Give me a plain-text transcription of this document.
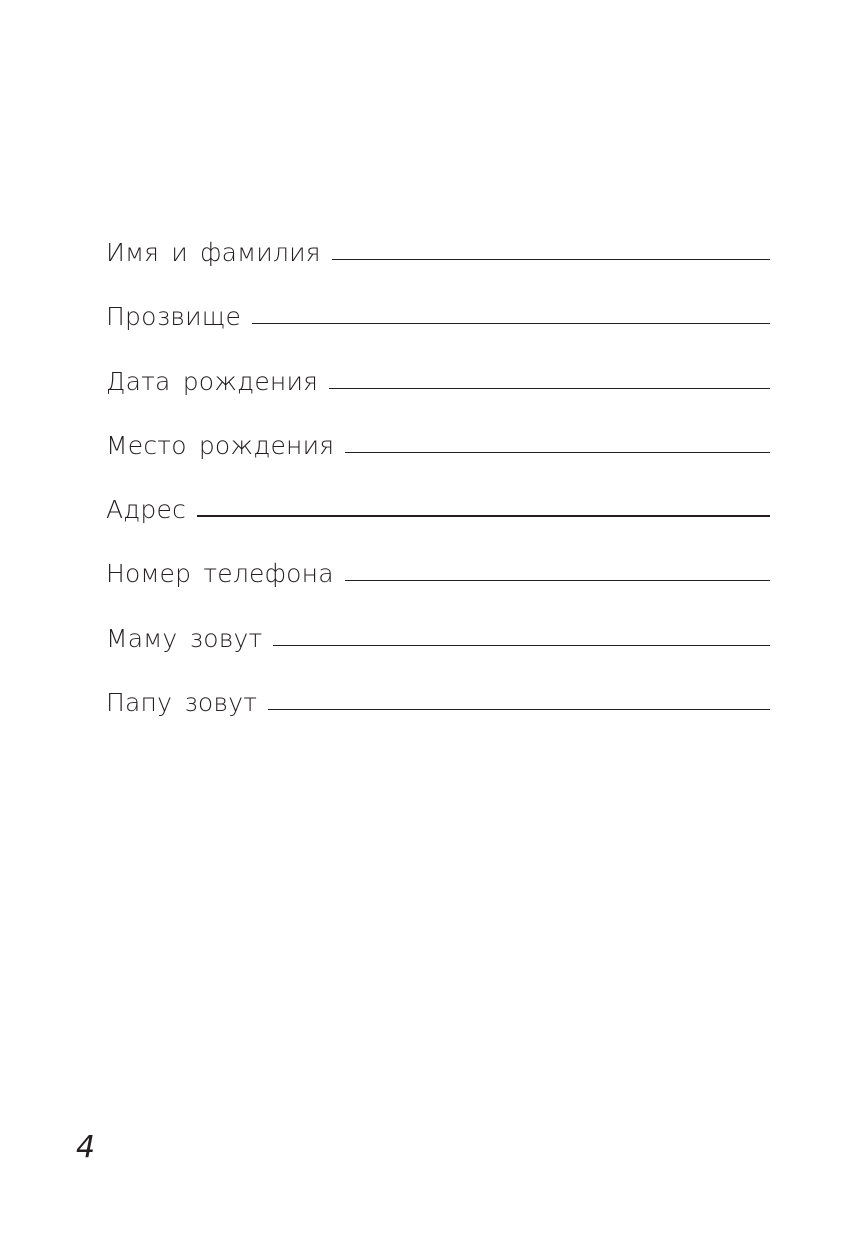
Имя и фамилия
Прозвище
Дата рождения
Место рождения
Адрес
Номер телефона
Маму зовут
Папу зовут
4
